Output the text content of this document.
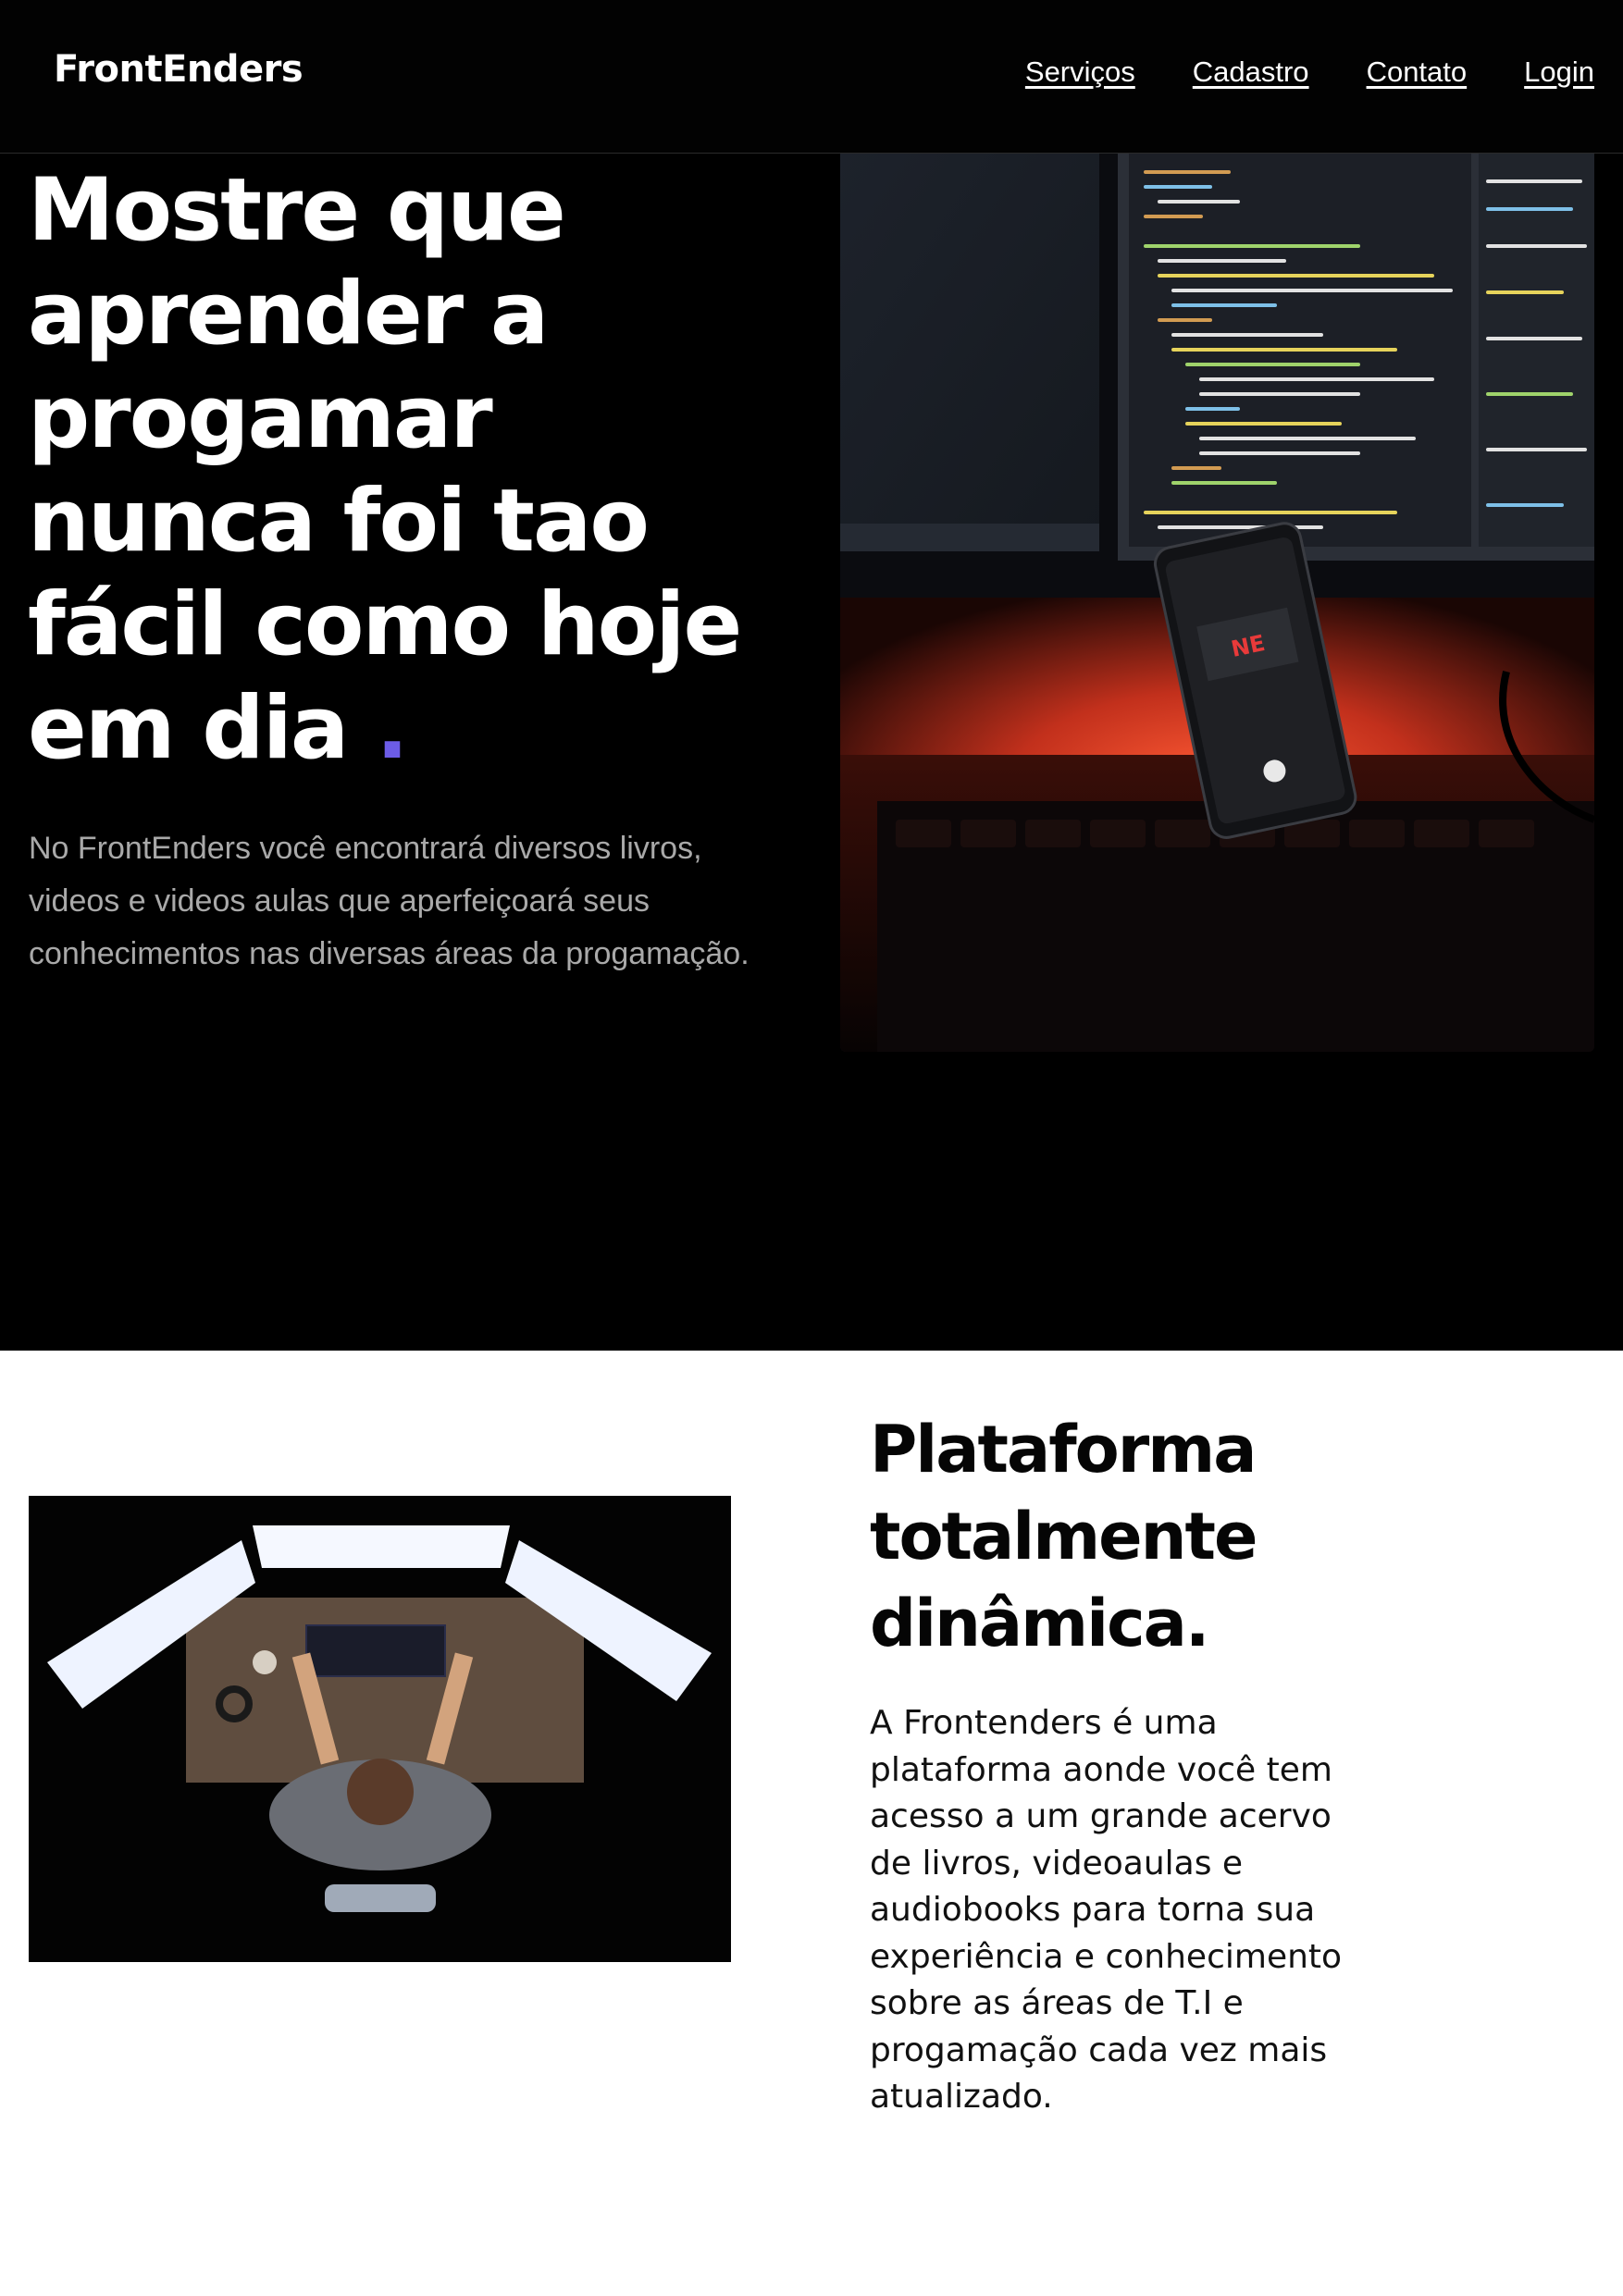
FrontEnders	Serviços Cadastro Contato Login
Mostre que aprender a progamar nunca foi tao fácil como hoje em dia .

No FrontEnders você encontrará diversos livros, videos e videos aulas que aperfeiçoará seus conhecimentos nas diversas áreas da progamação.

NE
Plataforma totalmente dinâmica.

A Frontenders é uma plataforma aonde você tem acesso a um grande acervo de livros, videoaulas e audiobooks para torna sua experiência e conhecimento sobre as áreas de T.I e progamação cada vez mais atualizado.
